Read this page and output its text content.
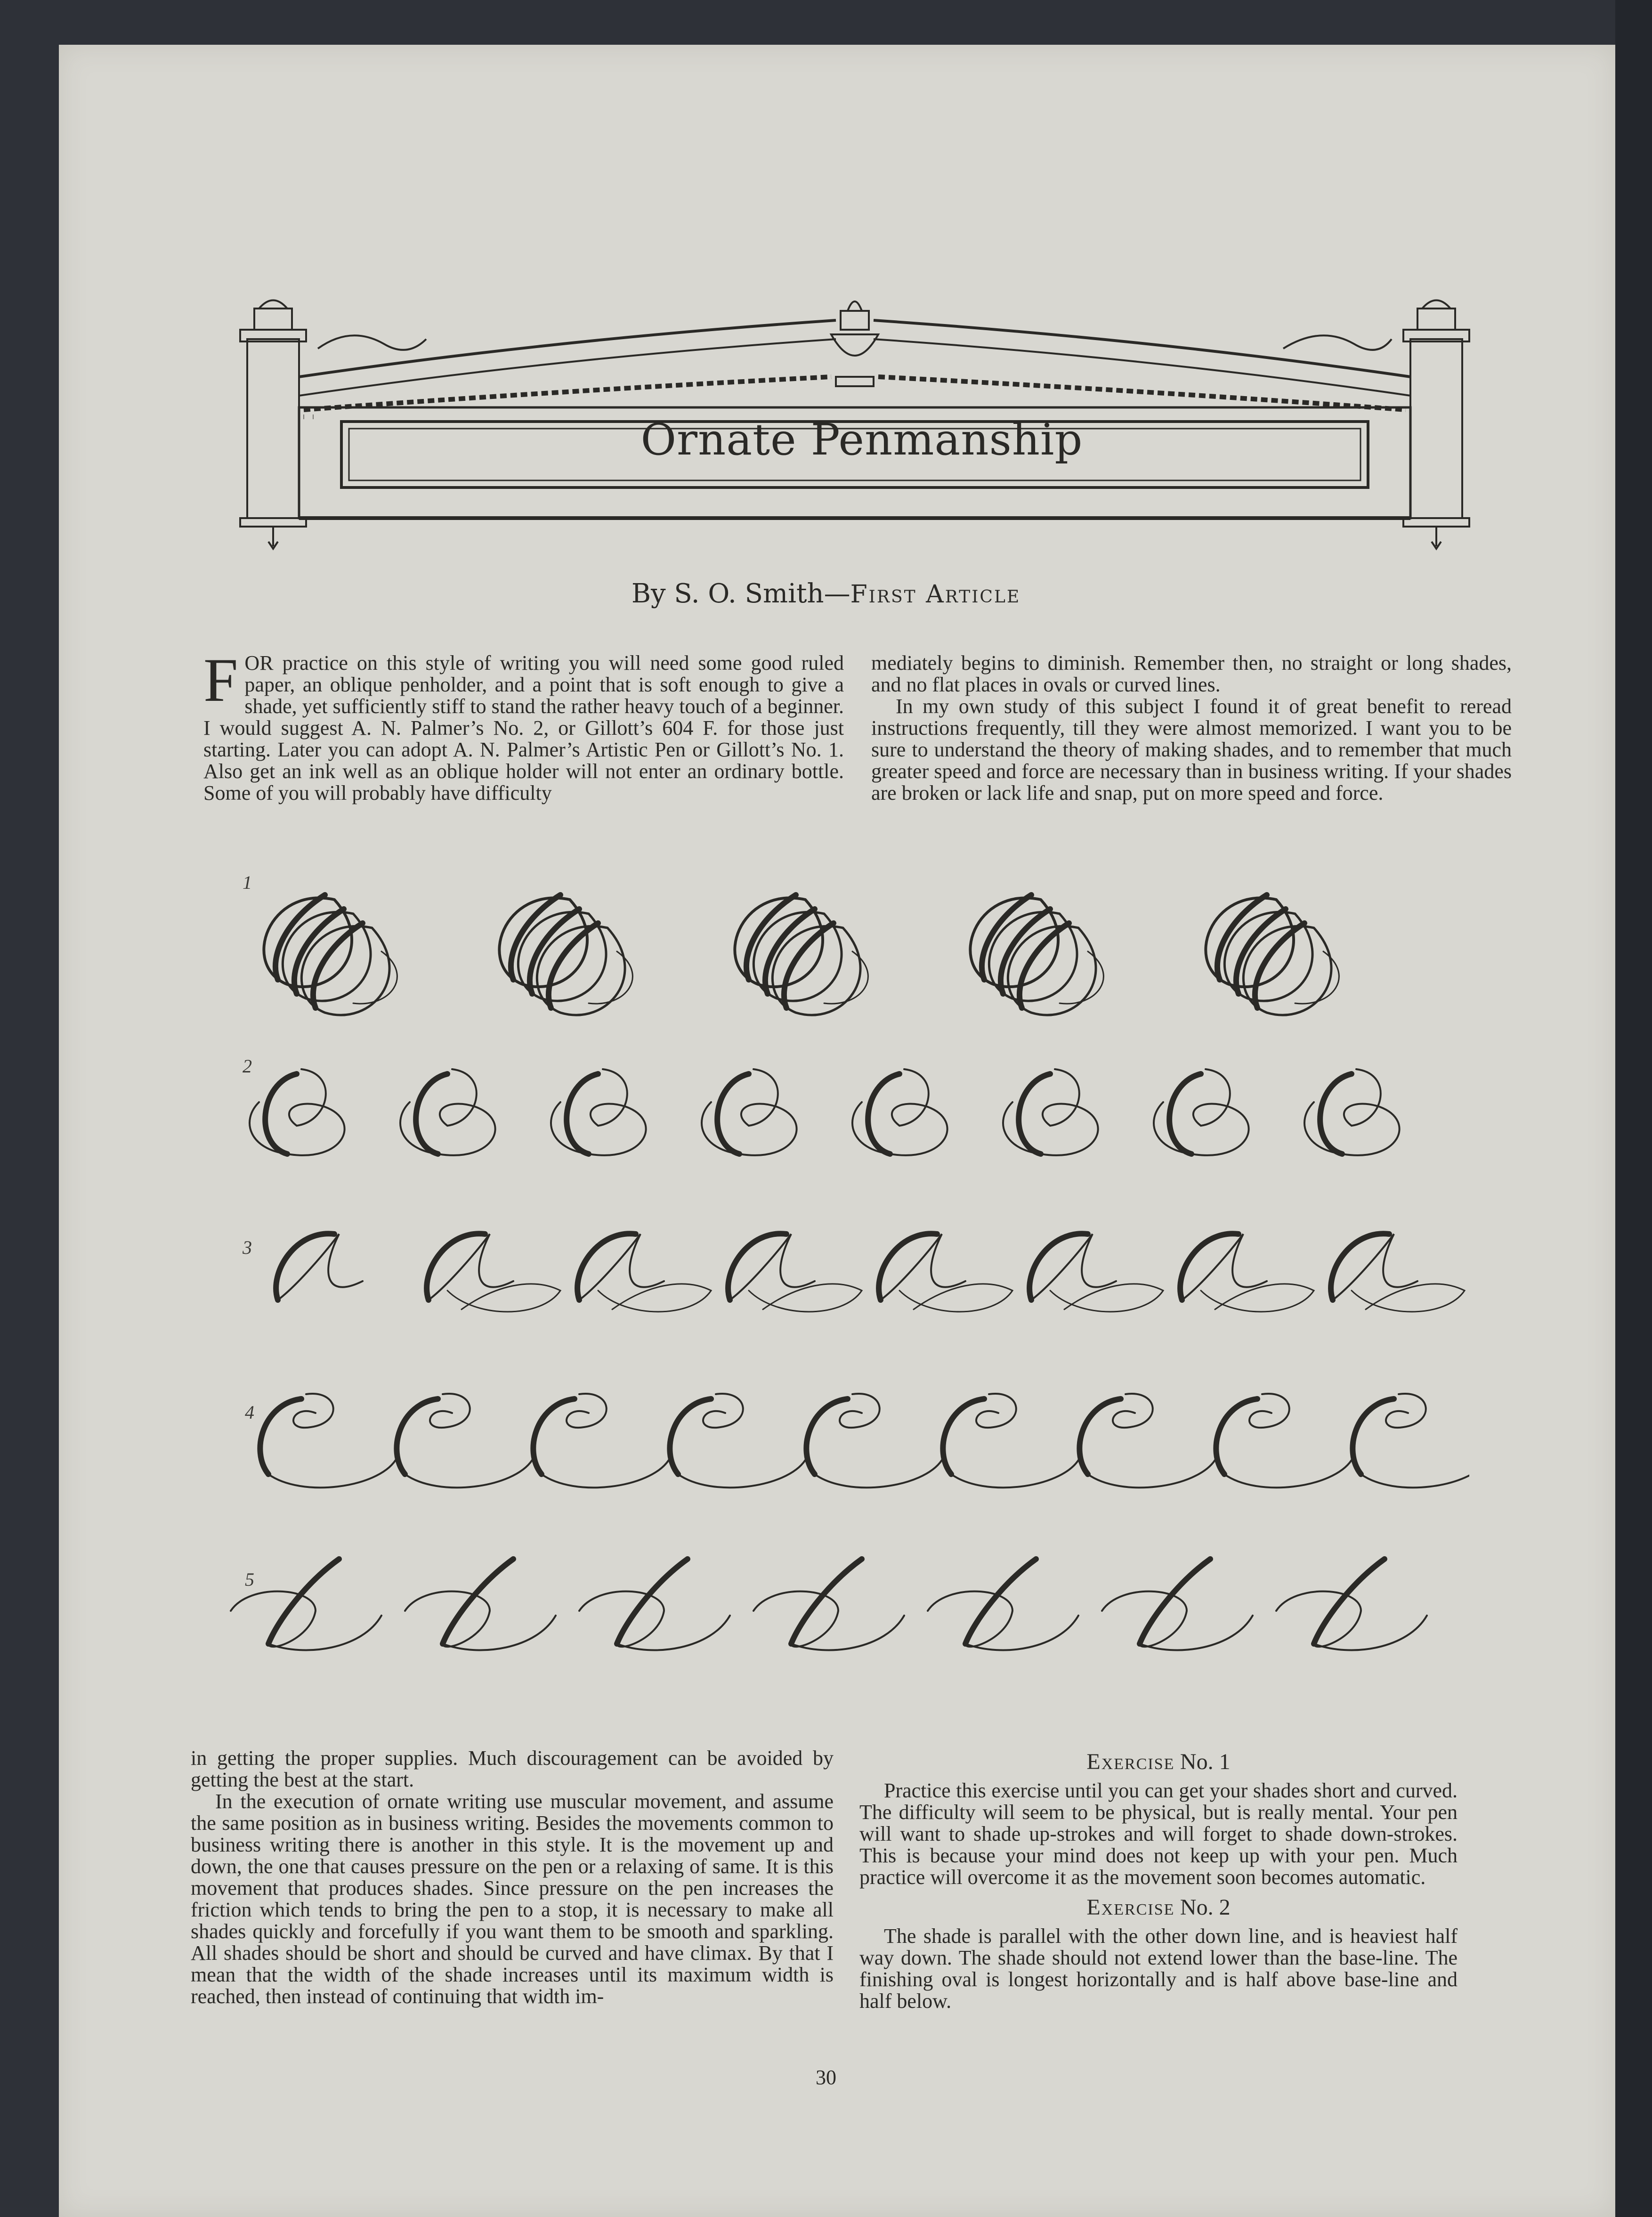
Ornate Penmanship
By S. O. Smith—First Article

FOR practice on this style of writing you will need some good ruled paper, an oblique penholder, and a point that is soft enough to give a shade, yet sufficiently stiff to stand the rather heavy touch of a beginner. I would suggest A. N. Palmer’s No. 2, or Gillott’s 604 F. for those just starting. Later you can adopt A. N. Palmer’s Artistic Pen or Gillott’s No. 1. Also get an ink well as an oblique holder will not enter an ordinary bottle. Some of you will probably have difficulty

mediately begins to diminish. Remember then, no straight or long shades, and no flat places in ovals or curved lines.

In my own study of this subject I found it of great benefit to reread instructions frequently, till they were almost memorized. I want you to be sure to understand the theory of making shades, and to remember that much greater speed and force are necessary than in business writing. If your shades are broken or lack life and snap, put on more speed and force.

1
2
3
4
5

in getting the proper supplies. Much discouragement can be avoided by getting the best at the start.

In the execution of ornate writing use muscular movement, and assume the same position as in business writing. Besides the movements common to business writing there is another in this style. It is the movement up and down, the one that causes pressure on the pen or a relaxing of same. It is this movement that produces shades. Since pressure on the pen increases the friction which tends to bring the pen to a stop, it is necessary to make all shades quickly and forcefully if you want them to be smooth and sparkling. All shades should be short and should be curved and have climax. By that I mean that the width of the shade increases until its maximum width is reached, then instead of continuing that width im-

Exercise No. 1

Practice this exercise until you can get your shades short and curved. The difficulty will seem to be physical, but is really mental. Your pen will want to shade up-strokes and will forget to shade down-strokes. This is because your mind does not keep up with your pen. Much practice will overcome it as the movement soon becomes automatic.

Exercise No. 2

The shade is parallel with the other down line, and is heaviest half way down. The shade should not extend lower than the base-line. The finishing oval is longest horizontally and is half above base-line and half below.

30
